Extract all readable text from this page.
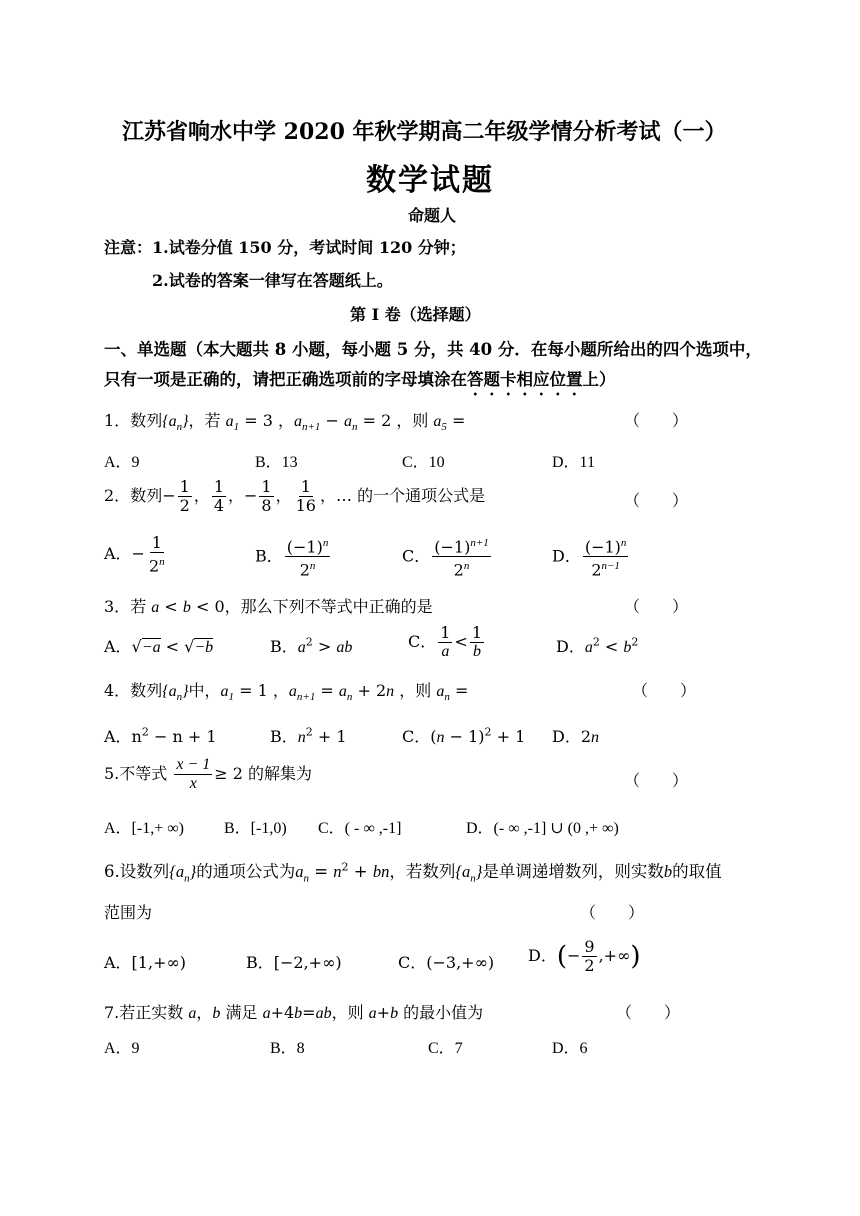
江苏省响水中学 2020 年秋学期高二年级学情分析考试（一）
数学试题
命题人
注意：1.试卷分值 150 分，考试时间 120 分钟；
2.试卷的答案一律写在答题纸上。
第 I 卷（选择题）
一、单选题（本大题共 8 小题，每小题 5 分，共 40 分．在每小题所给出的四个选项中，
只有一项是正确的，请把正确选项前的字母填涂在答题卡相应位置上）
1．数列$\{a_n\}$，若 $a_1 = 3$ ，$a_{n+1} - a_n = 2$ ，则 $a_5$ =	（　　）
A．9	B．13	C．10	D．11
2．数列− $\frac{1}{2}$ ， $\frac{1}{4}$ ，− $\frac{1}{8}$ ， $\frac{1}{16}$ ，… 的一个通项公式是	（　　）
A．− $\frac{1}{2^n}$	B． $\frac{(-1)^n}{2^n}$	C． $\frac{(-1)^{n+1}}{2^n}$	D． $\frac{(-1)^n}{2^{n-1}}$
3．若 a < b < 0，那么下列不等式中正确的是	（　　）
A．√−a < √−b	B．$a^2$ > ab	C． $\frac{1}{a} < \frac{1}{b}$	D．$a^2 < b^2$
4．数列$\{a_n\}$中，$a_1 = 1$ ，$a_{n+1} = a_n + 2n$ ，则 $a_n$ =	（　　）
A．$n^2 - n + 1$	B．$n^2 + 1$	C．$(n - 1)^2 + 1$ D．2n
5.不等式 $\frac{x - 1}{x} \ge 2$ 的解集为	（　　）
A．[-1,+ ∞)	B．[-1,0) C．( - ∞ ,-1]	D．(- ∞ ,-1] ∪ (0 ,+ ∞)
6.设数列$\{a_n\}$的通项公式为$a_n = n^2$ + bn，若数列$\{a_n\}$是单调递增数列，则实数b的取值
范围为	（　　）
A．[1,+∞)	B．[−2,+∞)	C．(−3,+∞) D．(− $\frac{9}{2}$ ,+∞)
7.若正实数 a，b 满足 a+4b=ab，则 a+b 的最小值为	（　　）
A．9	B．8	C．7	D．6
